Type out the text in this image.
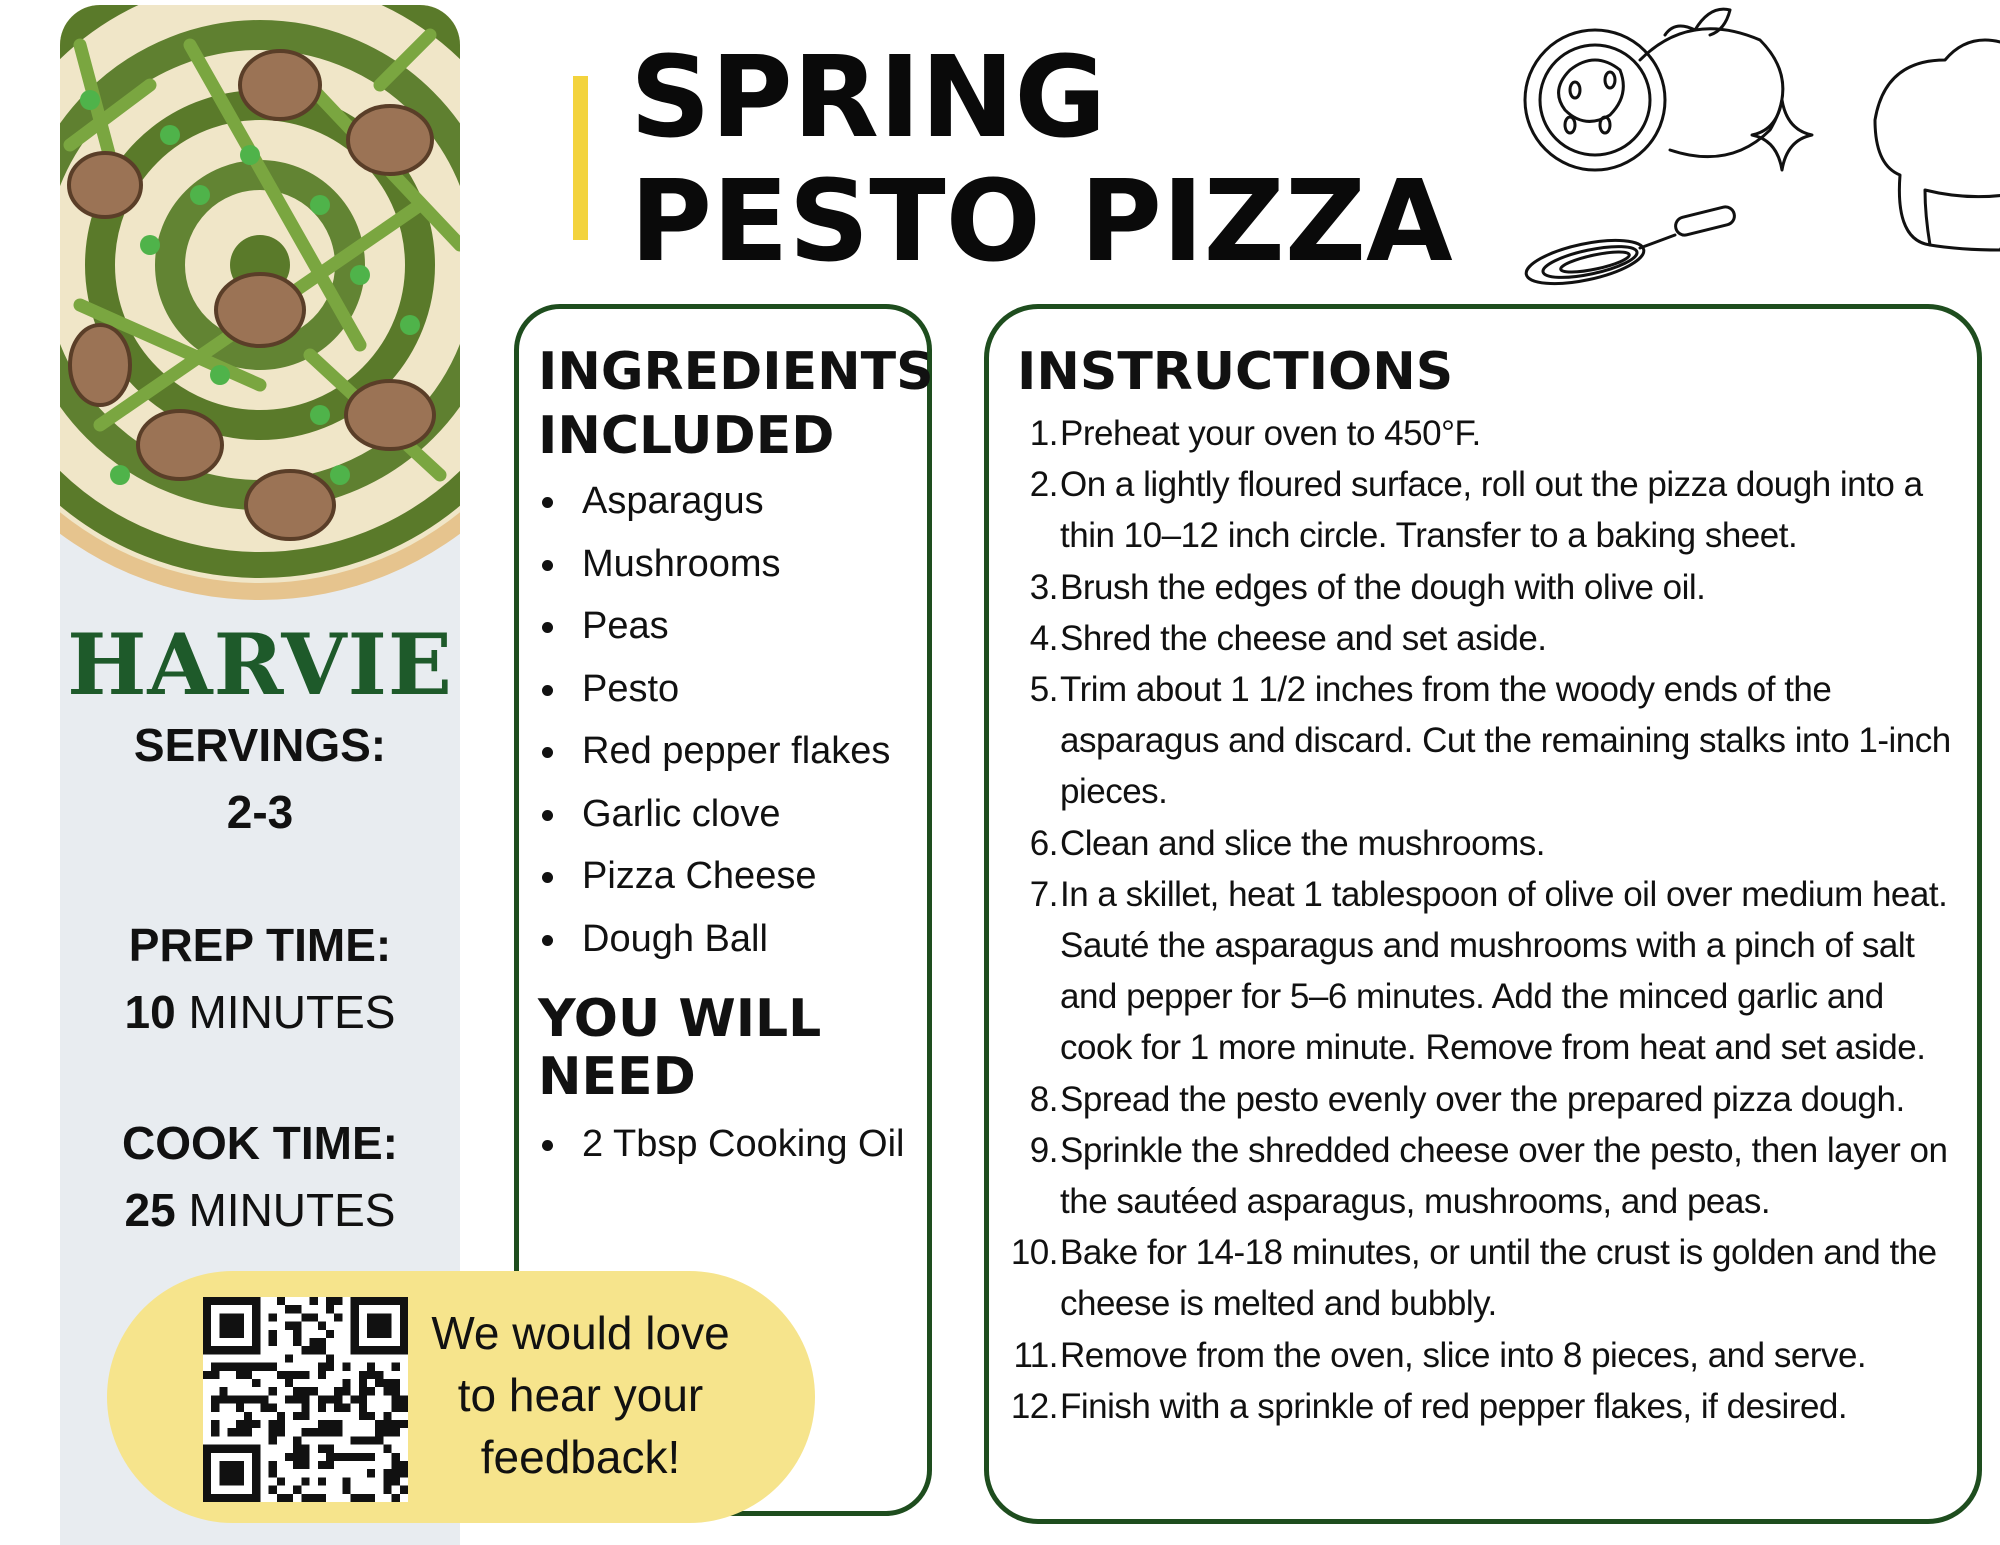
HARVIE

SERVINGS:

2-3

PREP TIME:

10 MINUTES

COOK TIME:

25 MINUTES

SPRING PESTO PIZZA
INGREDIENTS
INCLUDED
Asparagus
Mushrooms
Peas
Pesto
Red pepper flakes
Garlic clove
Pizza Cheese
Dough Ball
YOU WILL
NEED
2 Tbsp Cooking Oil
INSTRUCTIONS
1. Preheat your oven to 450°F.
2. On a lightly floured surface, roll out the pizza dough into a thin 10–12 inch circle. Transfer to a baking sheet.
3. Brush the edges of the dough with olive oil.
4. Shred the cheese and set aside.
5. Trim about 1 1/2 inches from the woody ends of the asparagus and discard. Cut the remaining stalks into 1-inch pieces.
6. Clean and slice the mushrooms.
7. In a skillet, heat 1 tablespoon of olive oil over medium heat. Sauté the asparagus and mushrooms with a pinch of salt and pepper for 5–6 minutes. Add the minced garlic and cook for 1 more minute. Remove from heat and set aside.
8. Spread the pesto evenly over the prepared pizza dough.
9. Sprinkle the shredded cheese over the pesto, then layer on the sautéed asparagus, mushrooms, and peas.
10. Bake for 14-18 minutes, or until the crust is golden and the cheese is melted and bubbly.
11. Remove from the oven, slice into 8 pieces, and serve.
12. Finish with a sprinkle of red pepper flakes, if desired.

We would love
to hear your
feedback!
